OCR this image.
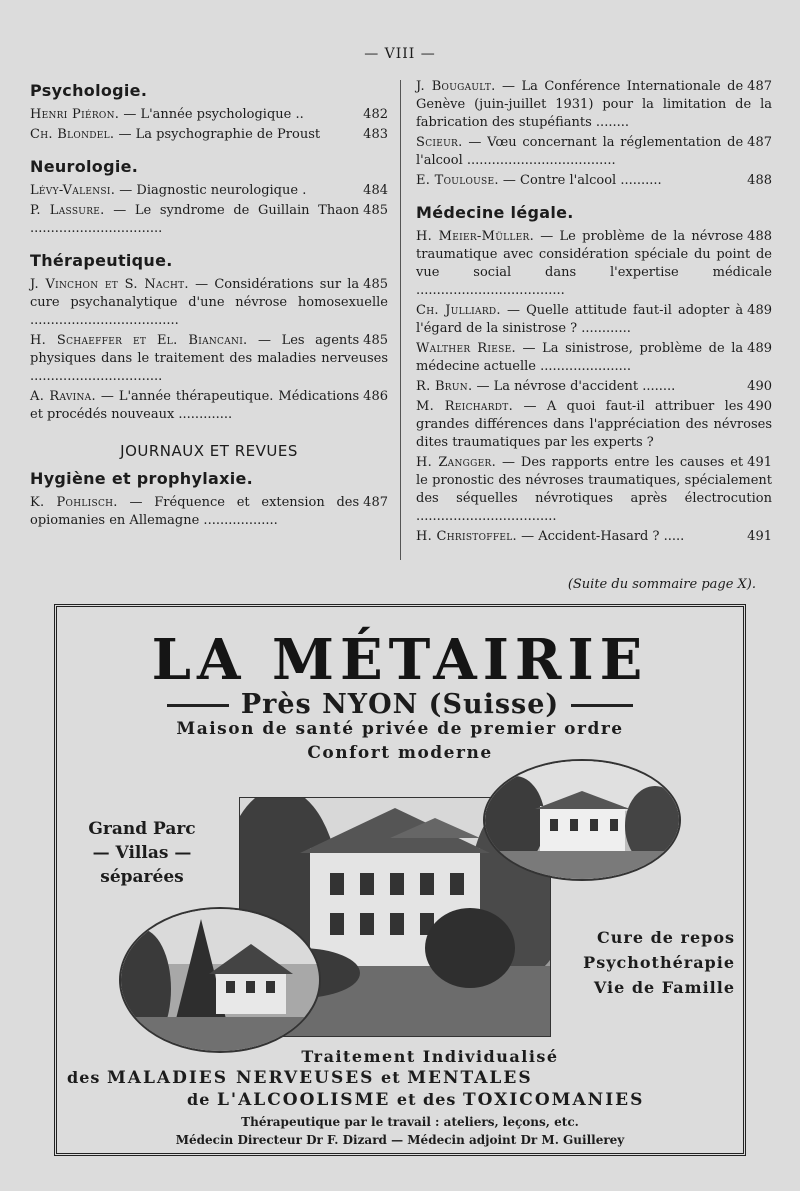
— VIII —
Psychologie.
482
Henri Piéron. — L'année psychologique ..
483
Ch. Blondel. — La psychographie de Proust
Neurologie.
484
Lévy-Valensi. — Diagnostic neurologique .
485
P. Lassure. — Le syndrome de Guillain Thaon ................................
Thérapeutique.
485
J. Vinchon et S. Nacht. — Considérations sur la cure psychanalytique d'une névrose homosexuelle ....................................
485
H. Schaeffer et El. Biancani. — Les agents physiques dans le traitement des maladies nerveuses ................................
486
A. Ravina. — L'année thérapeutique. Médications et procédés nouveaux .............
JOURNAUX ET REVUES
Hygiène et prophylaxie.
487
K. Pohlisch. — Fréquence et extension des opiomanies en Allemagne ..................
487
J. Bougault. — La Conférence Internationale de Genève (juin-juillet 1931) pour la limitation de la fabrication des stupéfiants ........
487
Scieur. — Vœu concernant la réglementation de l'alcool ....................................
488
E. Toulouse. — Contre l'alcool ..........
Médecine légale.
488
H. Meier-Müller. — Le problème de la névrose traumatique avec considération spéciale du point de vue social dans l'expertise médicale ....................................
489
Ch. Julliard. — Quelle attitude faut-il adopter à l'égard de la sinistrose ? ............
489
Walther Riese. — La sinistrose, problème de la médecine actuelle ......................
490
R. Brun. — La névrose d'accident ........
490
M. Reichardt. — A quoi faut-il attribuer les grandes différences dans l'appréciation des névroses dites traumatiques par les experts ?
491
H. Zangger. — Des rapports entre les causes et le pronostic des névroses traumatiques, spécialement des séquelles névrotiques après électrocution ..................................
491
H. Christoffel. — Accident-Hasard ? .....
(Suite du sommaire page X).
LA MÉTAIRIE
Près NYON (Suisse)
Maison de santé privée de premier ordre
Confort moderne
Grand Parc
— Villas —
séparées
Cure de repos
Psychothérapie
Vie de Famille
Traitement Individualisé
des MALADIES NERVEUSES et MENTALES
de L'ALCOOLISME et des TOXICOMANIES
Thérapeutique par le travail : ateliers, leçons, etc.
Médecin Directeur Dr F. Dizard — Médecin adjoint Dr M. Guillerey
